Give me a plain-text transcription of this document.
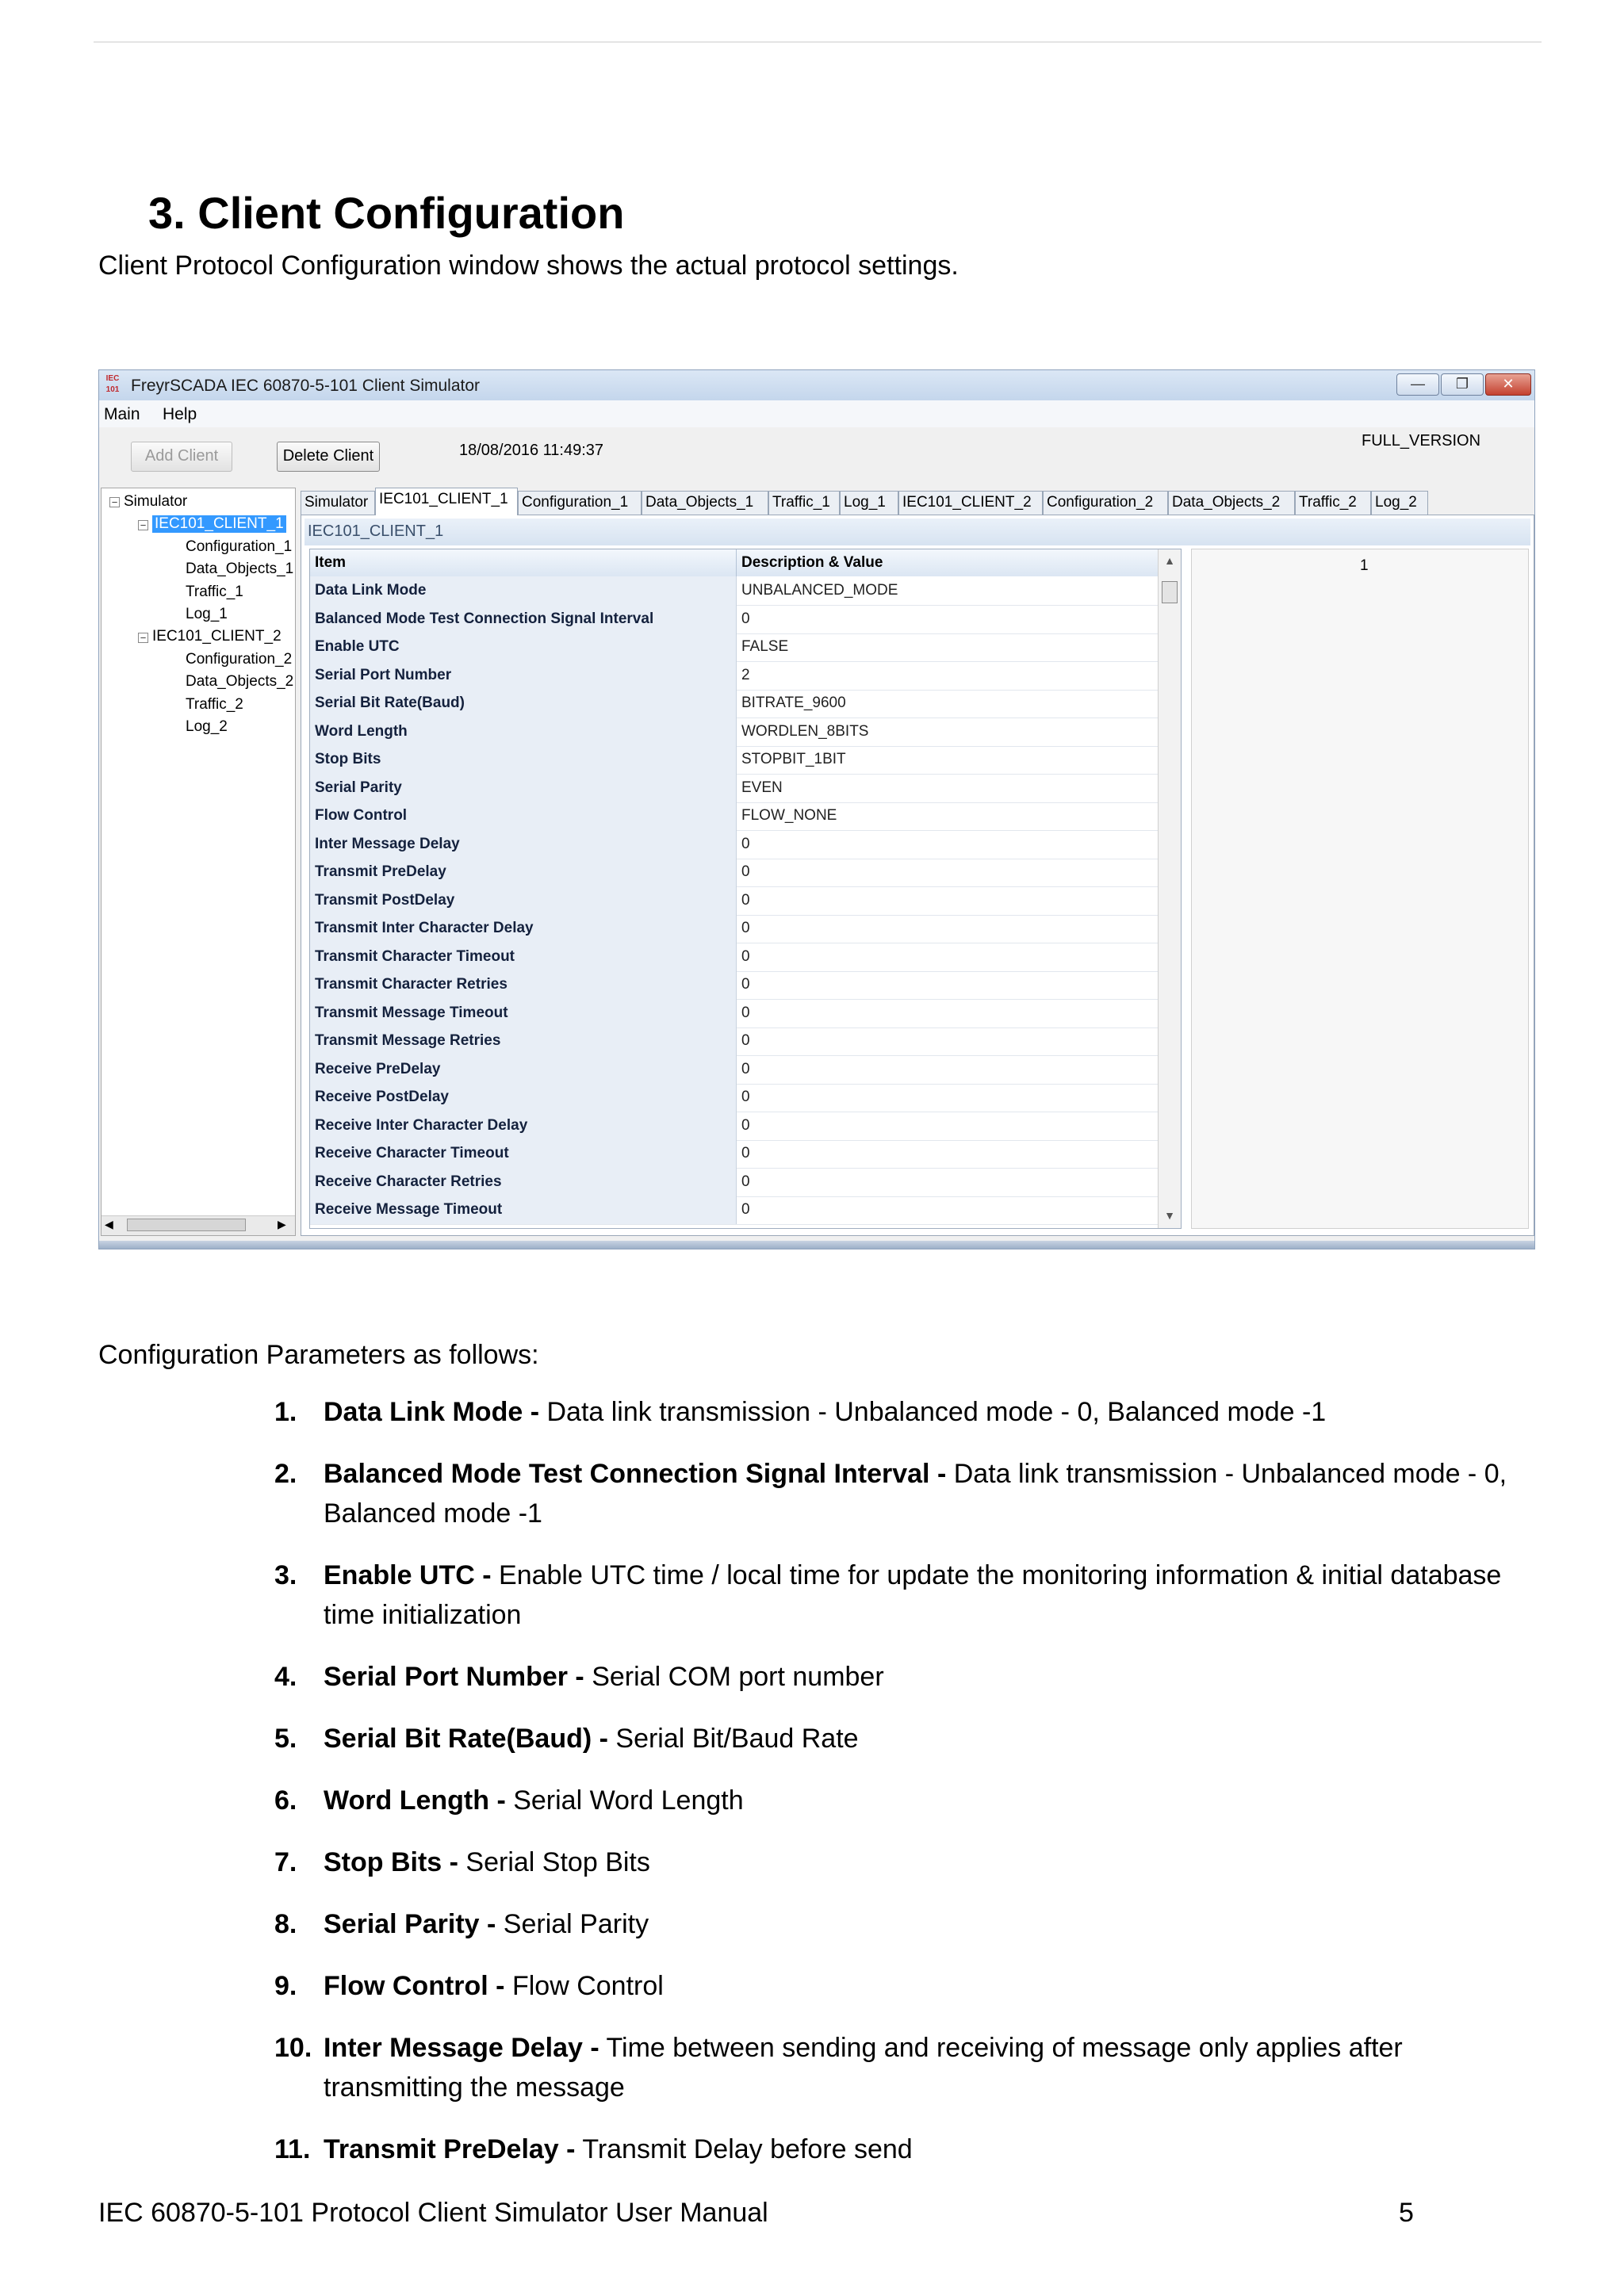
3. Client Configuration
Client Protocol Configuration window shows the actual protocol settings.
IEC 101 FreyrSCADA IEC 60870-5-101 Client Simulator	—	❐	✕
Main Help
Add Client	Delete Client	18/08/2016 11:49:37
FULL_VERSION
− Simulator
− IEC101_CLIENT_1
Configuration_1
Data_Objects_1
Traffic_1
Log_1
− IEC101_CLIENT_2
Configuration_2
Data_Objects_2
Traffic_2
Log_2
◀	▶
Simulator IEC101_CLIENT_1 Configuration_1	Data_Objects_1	Traffic_1 Log_1	IEC101_CLIENT_2	Configuration_2	Data_Objects_2	Traffic_2	Log_2
IEC101_CLIENT_1
Item	Description & Value
Data Link Mode	UNBALANCED_MODE
Balanced Mode Test Connection Signal Interval	0
Enable UTC	FALSE
Serial Port Number	2
Serial Bit Rate(Baud)	BITRATE_9600
Word Length	WORDLEN_8BITS
Stop Bits	STOPBIT_1BIT
Serial Parity	EVEN
Flow Control	FLOW_NONE
Inter Message Delay	0
Transmit PreDelay	0
Transmit PostDelay	0
Transmit Inter Character Delay	0
Transmit Character Timeout	0
Transmit Character Retries	0
Transmit Message Timeout	0
Transmit Message Retries	0
Receive PreDelay	0
Receive PostDelay	0
Receive Inter Character Delay	0
Receive Character Timeout	0
Receive Character Retries	0
Receive Message Timeout	0
▲
▼
1
Configuration Parameters as follows:
1. Data Link Mode - Data link transmission - Unbalanced mode - 0, Balanced mode -1
2. Balanced Mode Test Connection Signal Interval - Data link transmission - Unbalanced mode - 0, Balanced mode -1
3. Enable UTC - Enable UTC time / local time for update the monitoring information & initial database time initialization
4. Serial Port Number - Serial COM port number
5. Serial Bit Rate(Baud) - Serial Bit/Baud Rate
6. Word Length - Serial Word Length
7. Stop Bits - Serial Stop Bits
8. Serial Parity - Serial Parity
9. Flow Control - Flow Control
10. Inter Message Delay - Time between sending and receiving of message only applies after transmitting the message
11. Transmit PreDelay - Transmit Delay before send
IEC 60870-5-101 Protocol Client Simulator User Manual	5
